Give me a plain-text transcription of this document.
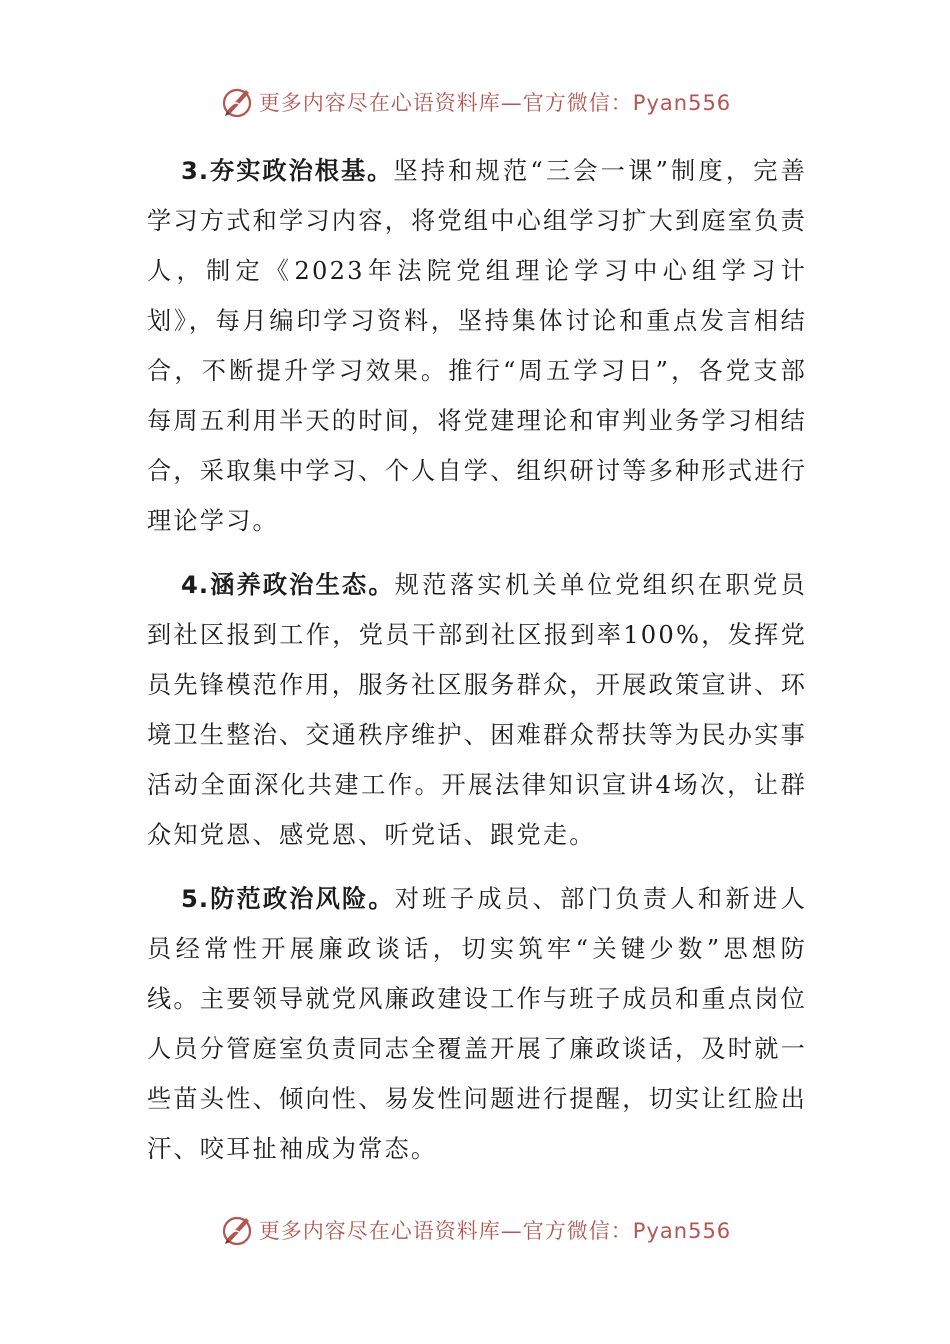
更多内容尽在心语资料库—官方微信：Pyan556

3.夯实政治根基。坚持和规范“三会一课”制度，完善学习方式和学习内容，将党组中心组学习扩大到庭室负责人，制定《2023年法院党组理论学习中心组学习计划》，每月编印学习资料，坚持集体讨论和重点发言相结合，不断提升学习效果。推行“周五学习日”，各党支部每周五利用半天的时间，将党建理论和审判业务学习相结合，采取集中学习、个人自学、组织研讨等多种形式进行理论学习。

4.涵养政治生态。规范落实机关单位党组织在职党员到社区报到工作，党员干部到社区报到率100%，发挥党员先锋模范作用，服务社区服务群众，开展政策宣讲、环境卫生整治、交通秩序维护、困难群众帮扶等为民办实事活动全面深化共建工作。开展法律知识宣讲4场次，让群众知党恩、感党恩、听党话、跟党走。

5.防范政治风险。对班子成员、部门负责人和新进人员经常性开展廉政谈话，切实筑牢“关键少数”思想防线。主要领导就党风廉政建设工作与班子成员和重点岗位人员分管庭室负责同志全覆盖开展了廉政谈话，及时就一些苗头性、倾向性、易发性问题进行提醒，切实让红脸出汗、咬耳扯袖成为常态。

更多内容尽在心语资料库—官方微信：Pyan556
